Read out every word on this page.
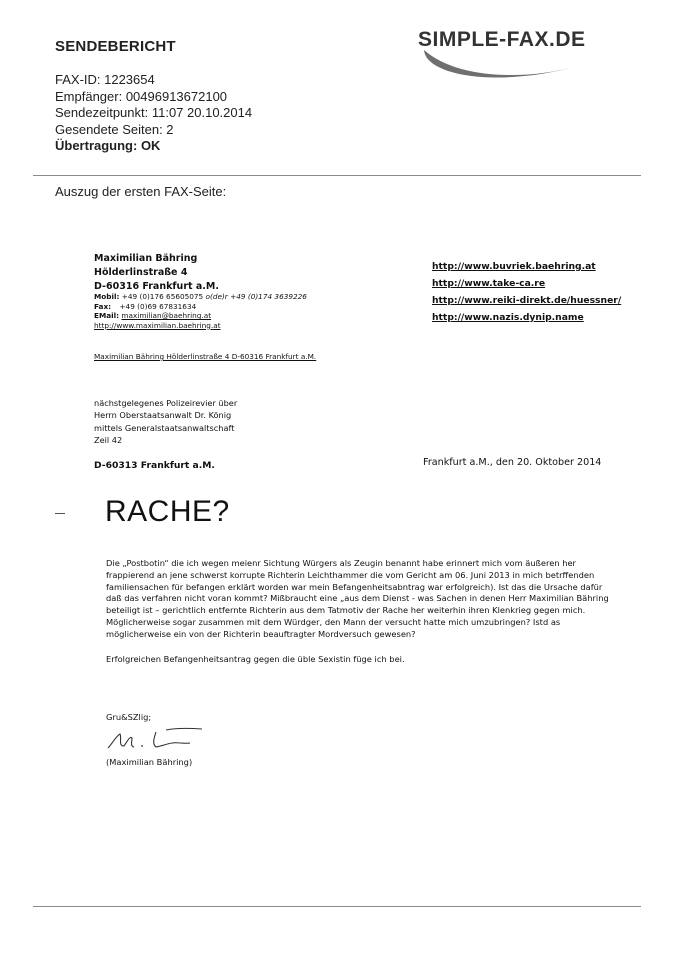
SENDEBERICHT	SIMPLE-FAX.DE
FAX-ID: 1223654
Empfänger: 00496913672100
Sendezeitpunkt: 11:07 20.10.2014
Gesendete Seiten: 2
Übertragung: OK
Auszug der ersten FAX-Seite:
Maximilian Bähring
Hölderlinstraße 4
D-60316 Frankfurt a.M.
Mobil: +49 (0)176 65605075 o(de)r +49 (0)174 3639226
Fax: +49 (0)69 67831634
EMail: maximilian@baehring.at
http://www.maximilian.baehring.at
http://www.buvriek.baehring.at
http://www.take-ca.re
http://www.reiki-direkt.de/huessner/
http://www.nazis.dynip.name
Maximilian Bähring Hölderlinstraße 4 D-60316 Frankfurt a.M.
nächstgelegenes Polizeirevier über
Herrn Oberstaatsanwalt Dr. König
mittels Generalstaatsanwaltschaft
Zeil 42
D-60313 Frankfurt a.M.	Frankfurt a.M., den 20. Oktober 2014
RACHE?

Die „Postbotin“ die ich wegen meienr Sichtung Würgers als Zeugin benannt habe erinnert mich vom äußeren her frappierend an jene schwerst korrupte Richterin Leichthammer die vom Gericht am 06. Juni 2013 in mich betrffenden familiensachen für befangen erklärt worden war mein Befangenheitsabntrag war erfolgreich). Ist das die Ursache dafür daß das verfahren nicht voran kommt? Mißbraucht eine „aus dem Dienst - was Sachen in denen Herr Maximilian Bähring beteiligt ist – gerichtlich entfernte Richterin aus dem Tatmotiv der Rache her weiterhin ihren Klenkrieg gegen mich. Möglicherweise sogar zusammen mit dem Würdger, den Mann der versucht hatte mich umzubringen? Istd as möglicherweise ein von der Richterin beauftragter Mordversuch gewesen?

Erfolgreichen Befangenheitsantrag gegen die üble Sexistin füge ich bei.

Gru&SZlig;
(Maximilian Bähring)
